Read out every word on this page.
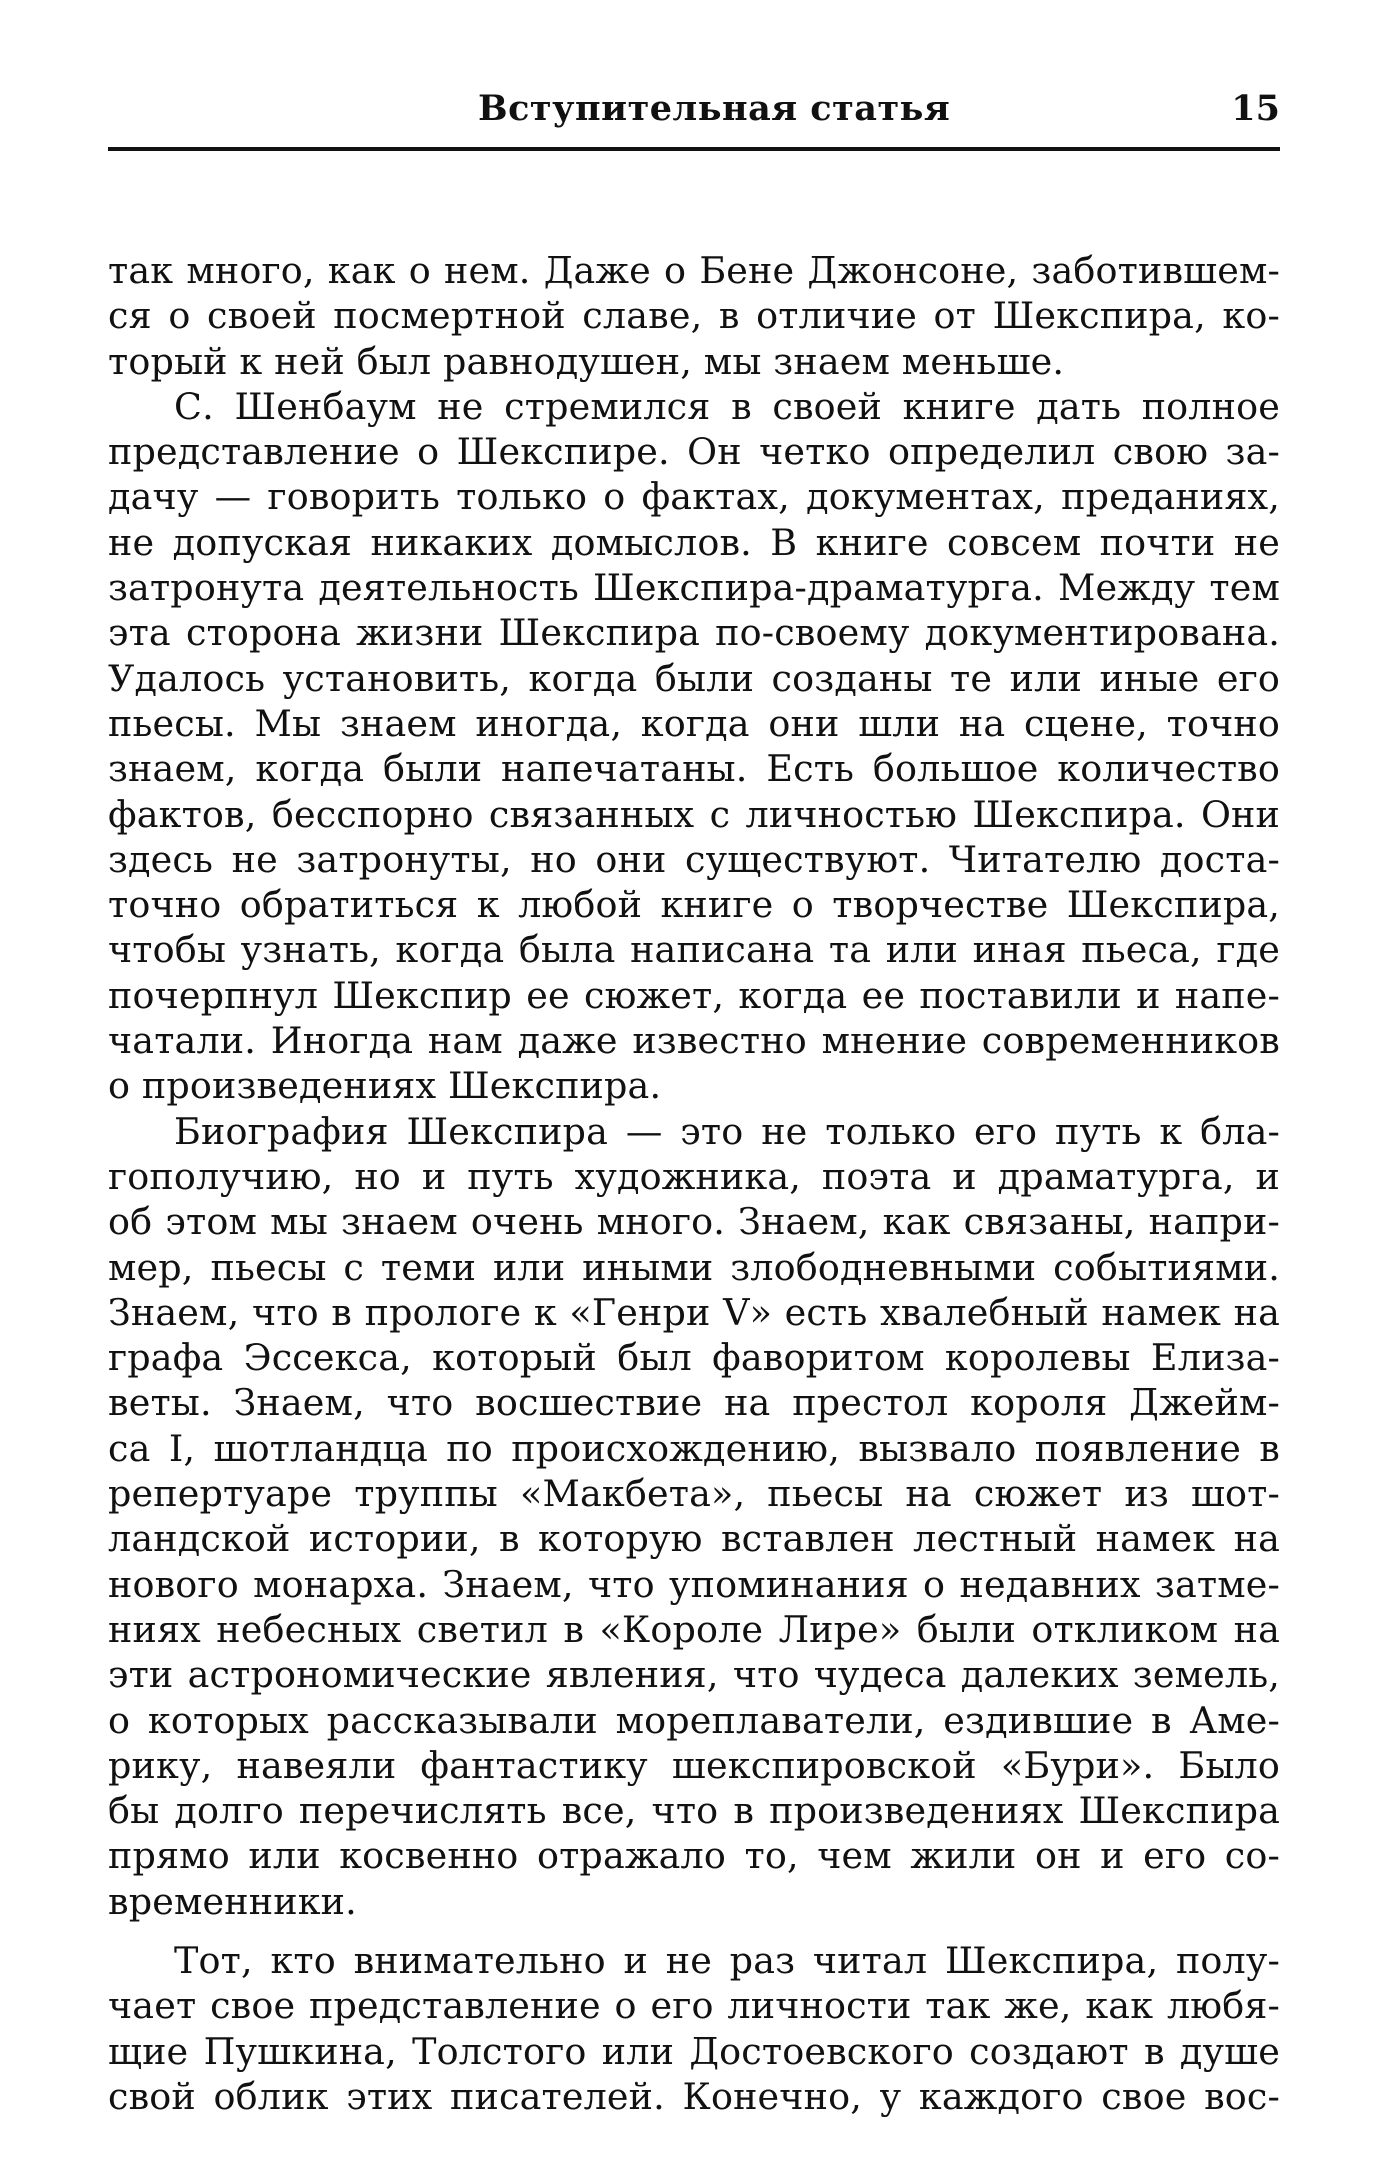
Вступительная статья	15
так много, как о нем. Даже о Бене Джонсоне, заботившем-
ся о своей посмертной славе, в отличие от Шекспира, ко-
торый к ней был равнодушен, мы знаем меньше.
С. Шенбаум не стремился в своей книге дать полное
представление о Шекспире. Он четко определил свою за-
дачу — говорить только о фактах, документах, преданиях,
не допуская никаких домыслов. В книге совсем почти не
затронута деятельность Шекспира-драматурга. Между тем
эта сторона жизни Шекспира по-своему документирована.
Удалось установить, когда были созданы те или иные его
пьесы. Мы знаем иногда, когда они шли на сцене, точно
знаем, когда были напечатаны. Есть большое количество
фактов, бесспорно связанных с личностью Шекспира. Они
здесь не затронуты, но они существуют. Читателю доста-
точно обратиться к любой книге о творчестве Шекспира,
чтобы узнать, когда была написана та или иная пьеса, где
почерпнул Шекспир ее сюжет, когда ее поставили и напе-
чатали. Иногда нам даже известно мнение современников
о произведениях Шекспира.
Биография Шекспира — это не только его путь к бла-
гополучию, но и путь художника, поэта и драматурга, и
об этом мы знаем очень много. Знаем, как связаны, напри-
мер, пьесы с теми или иными злободневными событиями.
Знаем, что в прологе к «Генри V» есть хвалебный намек на
графа Эссекса, который был фаворитом королевы Елиза-
веты. Знаем, что восшествие на престол короля Джейм-
са I, шотландца по происхождению, вызвало появление в
репертуаре труппы «Макбета», пьесы на сюжет из шот-
ландской истории, в которую вставлен лестный намек на
нового монарха. Знаем, что упоминания о недавних затме-
ниях небесных светил в «Короле Лире» были откликом на
эти астрономические явления, что чудеса далеких земель,
о которых рассказывали мореплаватели, ездившие в Аме-
рику, навеяли фантастику шекспировской «Бури». Было
бы долго перечислять все, что в произведениях Шекспира
прямо или косвенно отражало то, чем жили он и его со-
временники.
Тот, кто внимательно и не раз читал Шекспира, полу-
чает свое представление о его личности так же, как любя-
щие Пушкина, Толстого или Достоевского создают в душе
свой облик этих писателей. Конечно, у каждого свое вос-
